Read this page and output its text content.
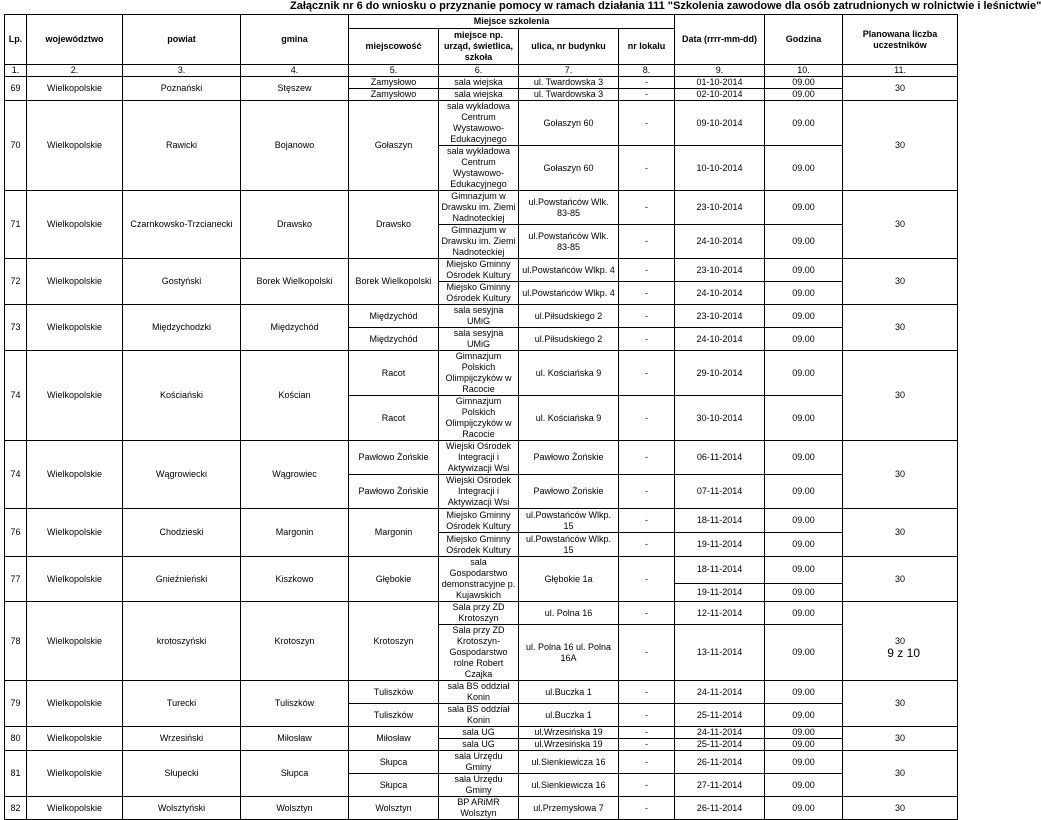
Załącznik nr 6 do wniosku o przyznanie pomocy w ramach działania 111 "Szkolenia zawodowe dla osób zatrudnionych w rolnictwie i leśnictwie"
Lp.	województwo	powiat	gmina	Miejsce szkolenia				Data (rrrr-mm-dd)	Godzina	Planowana liczba uczestników
				miejscowość	miejsce np. urząd, świetlica, szkoła	ulica, nr budynku	nr lokalu			
1.	2.	3.	4.	5.	6.	7.	8.	9.	10.	11.
69	Wielkopolskie	Poznański	Stęszew	Zamysłowo	sala wiejska	ul. Twardowska 3	-	01-10-2014	09.00	30
				Zamysłowo	sala wiejska	ul. Twardowska 3	-	02-10-2014	09.00	
70	Wielkopolskie	Rawicki	Bojanowo	Gołaszyn	sala wykładowa Centrum Wystawowo-Edukacyjnego	Gołaszyn 60	-	09-10-2014	09.00	30
					sala wykładowa Centrum Wystawowo-Edukacyjnego	Gołaszyn 60	-	10-10-2014	09.00	
71	Wielkopolskie	Czarnkowsko-Trzcianecki	Drawsko	Drawsko	Gimnazjum w Drawsku im. Ziemi Nadnoteckiej	ul.Powstańców Wlk. 83-85	-	23-10-2014	09.00	30
					Gimnazjum w Drawsku im. Ziemi Nadnoteckiej	ul.Powstańców Wlk. 83-85	-	24-10-2014	09.00	
72	Wielkopolskie	Gostyński	Borek Wielkopolski	Borek Wielkopolski	Miejsko Gminny Ośrodek Kultury	ul.Powstańców Wlkp. 4	-	23-10-2014	09.00	30
					Miejsko Gminny Ośrodek Kultury	ul.Powstańców Wlkp. 4	-	24-10-2014	09.00	
73	Wielkopolskie	Międzychodzki	Międzychód	Międzychód	sala sesyjna UMiG	ul.Piłsudskiego 2	-	23-10-2014	09.00	30
				Międzychód	sala sesyjna UMiG	ul.Piłsudskiego 2	-	24-10-2014	09.00	
74	Wielkopolskie	Kościański	Kościan	Racot	Gimnazjum Polskich Olimpijczyków w Racocie	ul. Kościańska 9	-	29-10-2014	09.00	30
				Racot	Gimnazjum Polskich Olimpijczyków w Racocie	ul. Kościańska 9	-	30-10-2014	09.00	
74	Wielkopolskie	Wągrowiecki	Wągrowiec	Pawłowo Żońskie	Wiejski Ośrodek Integracji i Aktywizacji Wsi	Pawłowo Żońskie	-	06-11-2014	09.00	30
				Pawłowo Żońskie	Wiejski Ośrodek Integracji i Aktywizacji Wsi	Pawłowo Żońskie	-	07-11-2014	09.00	
76	Wielkopolskie	Chodzieski	Margonin	Margonin	Miejsko Gminny Ośrodek Kultury	ul.Powstańców Wlkp. 15	-	18-11-2014	09.00	30
					Miejsko Gminny Ośrodek Kultury	ul.Powstańców Wlkp. 15	-	19-11-2014	09.00	
77	Wielkopolskie	Gnieźnieński	Kiszkowo	Głębokie	sala Gospodarstwo demonstracyjne p. Kujawskich	Głębokie 1a	-	18-11-2014	09.00	30
								19-11-2014	09.00	
78	Wielkopolskie	krotoszyński	Krotoszyn	Krotoszyn	Sala przy ZD Krotoszyn	ul. Polna 16	-	12-11-2014	09.00	30
					Sala przy ZD Krotoszyn-Gospodarstwo rolne Robert Czajka	ul. Polna 16 ul. Polna 16A	-	13-11-2014	09.00	
79	Wielkopolskie	Turecki	Tuliszków	Tuliszków	sala BS oddział Konin	ul.Buczka 1	-	24-11-2014	09.00	30
				Tuliszków	sala BS oddział Konin	ul.Buczka 1	-	25-11-2014	09.00	
80	Wielkopolskie	Wrzesiński	Miłosław	Miłosław	sala UG	ul.Wrzesińska 19	-	24-11-2014	09.00	30
					sala UG	ul.Wrzesińska 19	-	25-11-2014	09.00	
81	Wielkopolskie	Słupecki	Słupca	Słupca	sala Urzędu Gminy	ul.Sienkiewicza 16	-	26-11-2014	09.00	30
				Słupca	sala Urzędu Gminy	ul.Sienkiewicza 16	-	27-11-2014	09.00	
82	Wielkopolskie	Wolsztyński	Wolsztyn	Wolsztyn	BP ARiMR Wolsztyn	ul.Przemysłowa 7	-	26-11-2014	09.00	30
9 z 10
